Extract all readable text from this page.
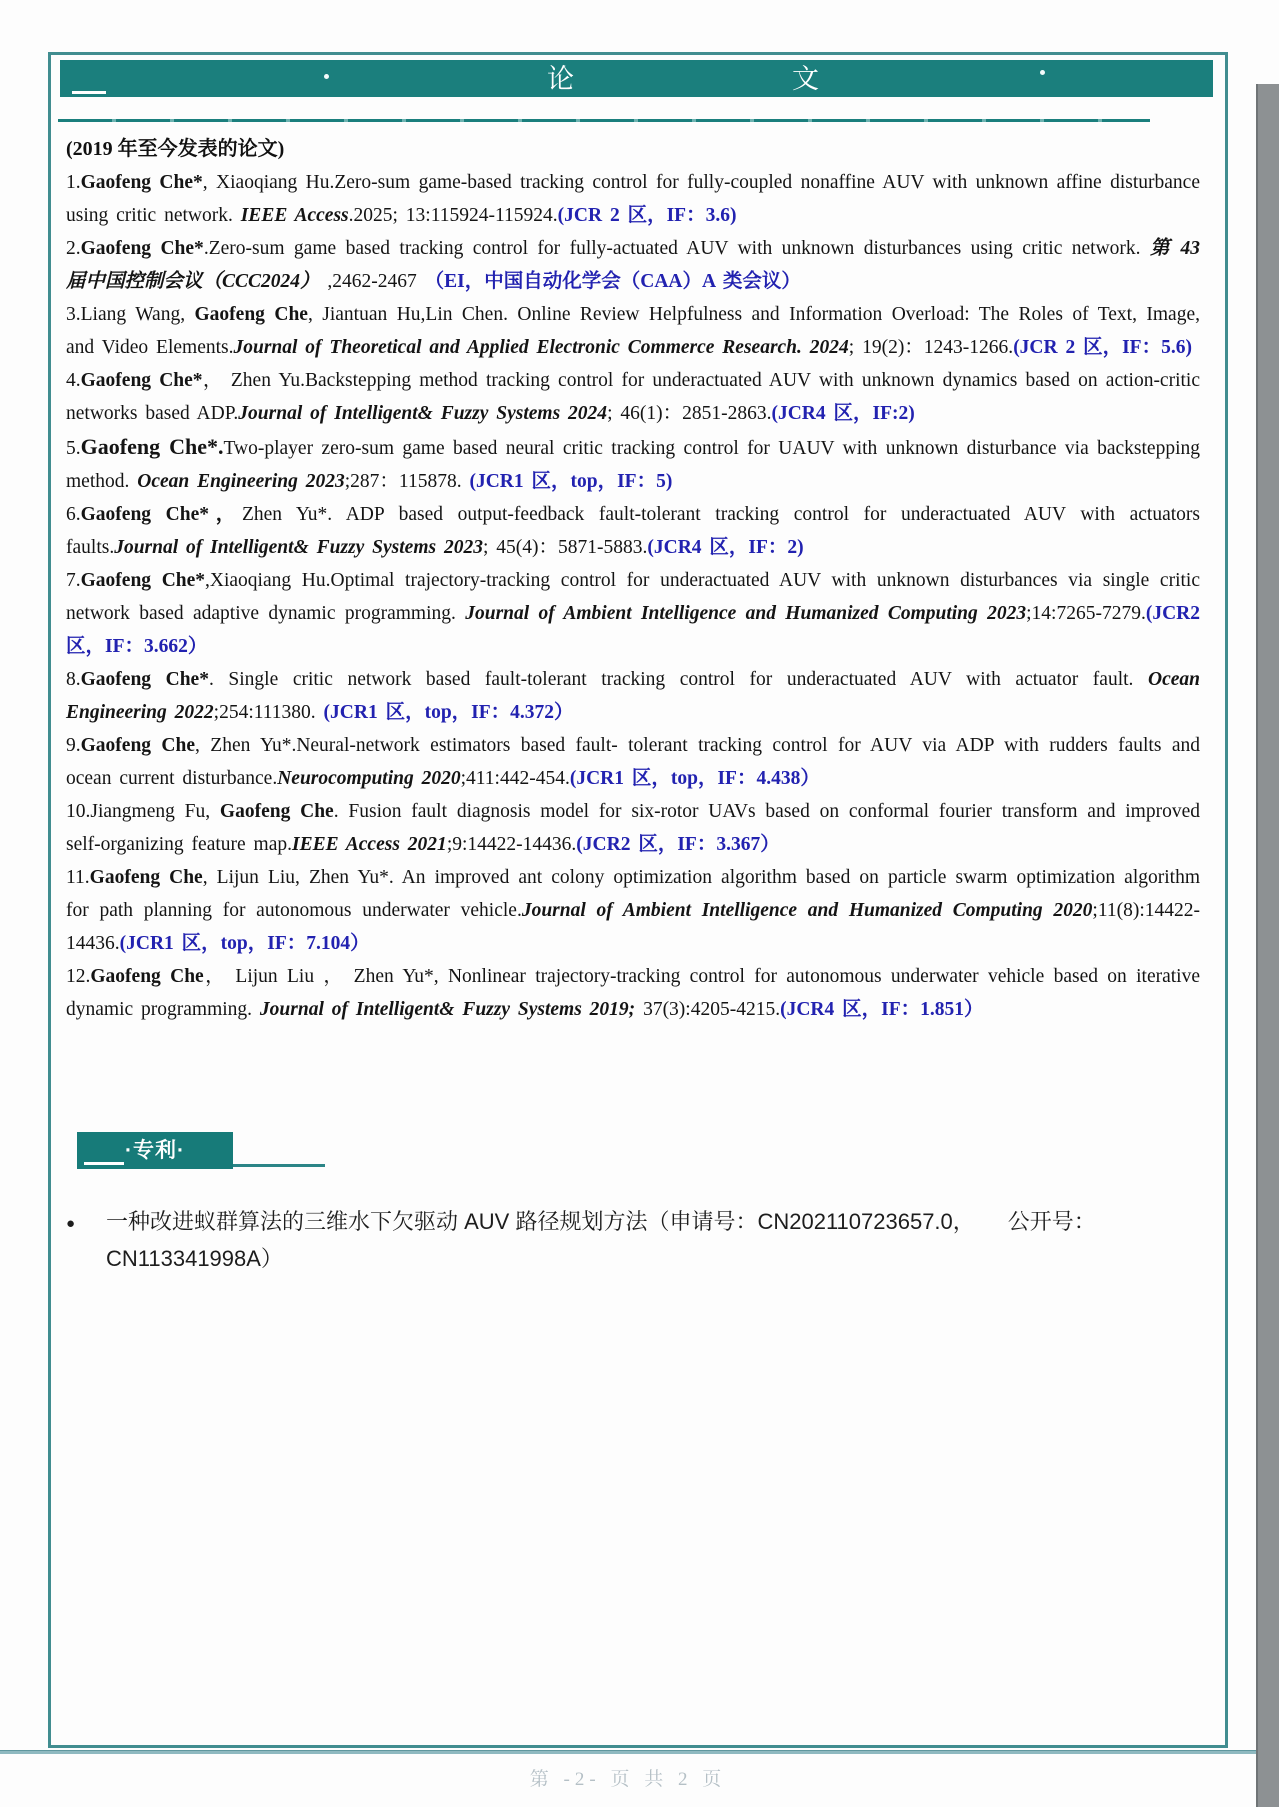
论	文

(2019 年至今发表的论文)

1.Gaofeng Che*, Xiaoqiang Hu.Zero-sum game-based tracking control for fully-coupled nonaffine AUV with unknown affine disturbance using critic network. IEEE Access.2025; 13:115924-115924.(JCR 2 区，IF：3.6)

2.Gaofeng Che*.Zero-sum game based tracking control for fully-actuated AUV with unknown disturbances using critic network. 第 43 届中国控制会议（CCC2024） ,2462-2467 （EI，中国自动化学会（CAA）A 类会议）

3.Liang Wang, Gaofeng Che, Jiantuan Hu,Lin Chen. Online Review Helpfulness and Information Overload: The Roles of Text, Image, and Video Elements.Journal of Theoretical and Applied Electronic Commerce Research. 2024; 19(2)：1243-1266.(JCR 2 区，IF：5.6)

4.Gaofeng Che*， Zhen Yu.Backstepping method tracking control for underactuated AUV with unknown dynamics based on action-critic networks based ADP.Journal of Intelligent& Fuzzy Systems 2024; 46(1)：2851-2863.(JCR4 区，IF:2)

5.Gaofeng Che*.Two-player zero-sum game based neural critic tracking control for UAUV with unknown disturbance via backstepping method. Ocean Engineering 2023;287：115878. (JCR1 区，top，IF：5)

6.Gaofeng Che*，Zhen Yu*. ADP based output-feedback fault-tolerant tracking control for underactuated AUV with actuators faults.Journal of Intelligent& Fuzzy Systems 2023; 45(4)：5871-5883.(JCR4 区，IF：2)

7.Gaofeng Che*,Xiaoqiang Hu.Optimal trajectory-tracking control for underactuated AUV with unknown disturbances via single critic network based adaptive dynamic programming. Journal of Ambient Intelligence and Humanized Computing 2023;14:7265-7279.(JCR2 区，IF：3.662）

8.Gaofeng Che*. Single critic network based fault-tolerant tracking control for underactuated AUV with actuator fault. Ocean Engineering 2022;254:111380. (JCR1 区，top，IF：4.372）

9.Gaofeng Che, Zhen Yu*.Neural-network estimators based fault- tolerant tracking control for AUV via ADP with rudders faults and ocean current disturbance.Neurocomputing 2020;411:442-454.(JCR1 区，top，IF：4.438）

10.Jiangmeng Fu, Gaofeng Che. Fusion fault diagnosis model for six-rotor UAVs based on conformal fourier transform and improved self-organizing feature map.IEEE Access 2021;9:14422-14436.(JCR2 区，IF：3.367）

11.Gaofeng Che, Lijun Liu, Zhen Yu*. An improved ant colony optimization algorithm based on particle swarm optimization algorithm for path planning for autonomous underwater vehicle.Journal of Ambient Intelligence and Humanized Computing 2020;11(8):14422-14436.(JCR1 区，top，IF：7.104）

12.Gaofeng Che， Lijun Liu ， Zhen Yu*, Nonlinear trajectory-tracking control for autonomous underwater vehicle based on iterative dynamic programming. Journal of Intelligent& Fuzzy Systems 2019; 37(3):4205-4215.(JCR4 区，IF：1.851）

·专利·
●	一种改进蚁群算法的三维水下欠驱动 AUV 路径规划方法（申请号：CN202110723657.0，　　公开号：CN113341998A）
第 -2- 页 共 2 页
